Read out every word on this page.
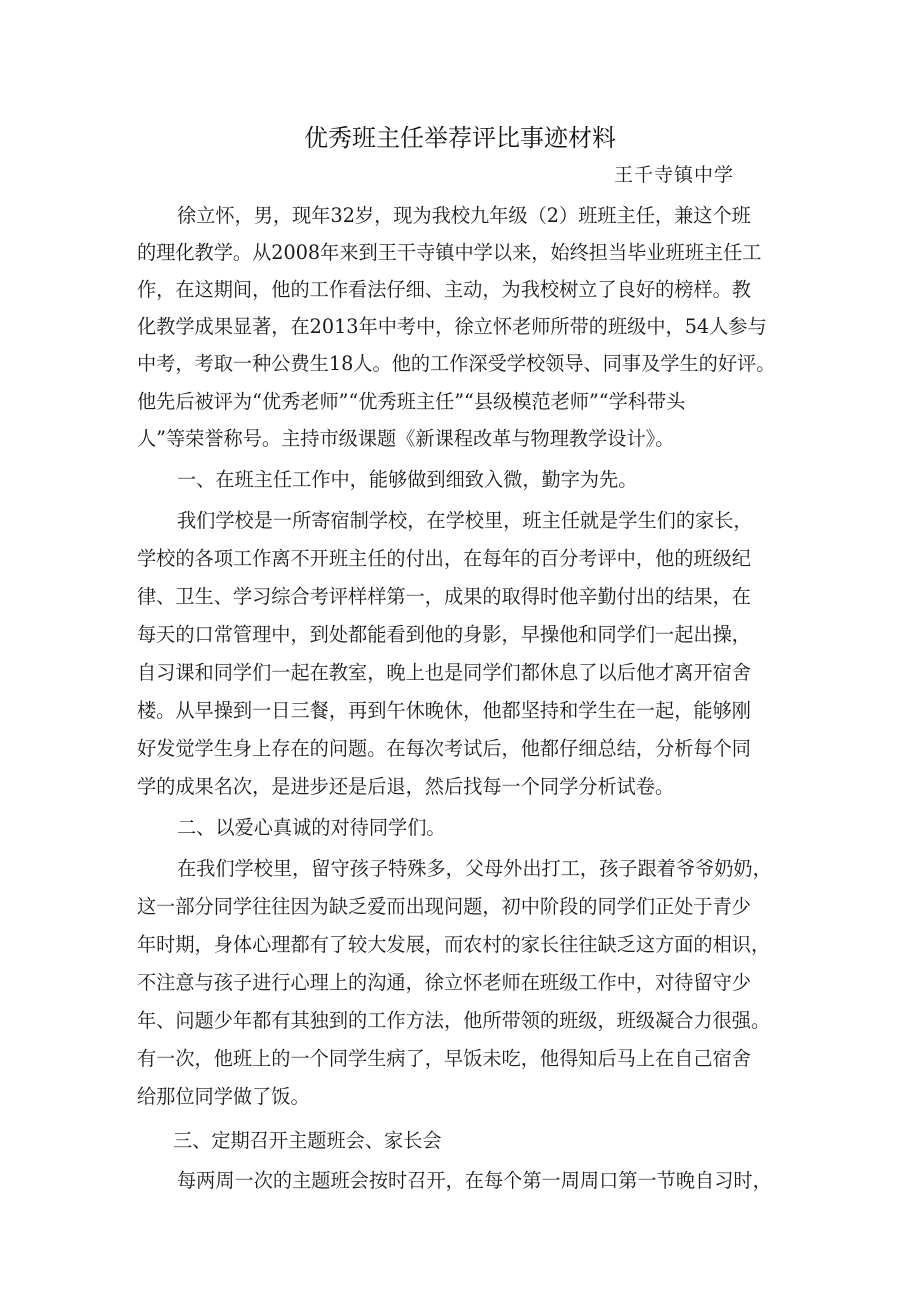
优秀班主任举荐评比事迹材料
王千寺镇中学
徐立怀，男，现年32岁，现为我校九年级（2）班班主任，兼这个班
的理化教学。从2008年来到王干寺镇中学以来，始终担当毕业班班主任工
作，在这期间，他的工作看法仔细、主动，为我校树立了良好的榜样。教
化教学成果显著，在2013年中考中，徐立怀老师所带的班级中，54人参与
中考，考取一种公费生18人。他的工作深受学校领导、同事及学生的好评。
他先后被评为“优秀老师”“优秀班主任”“县级模范老师”“学科带头
人”等荣誉称号。主持市级课题《新课程改革与物理教学设计》。
一、在班主任工作中，能够做到细致入微，勤字为先。
我们学校是一所寄宿制学校，在学校里，班主任就是学生们的家长，
学校的各项工作离不开班主任的付出，在每年的百分考评中，他的班级纪
律、卫生、学习综合考评样样第一，成果的取得时他辛勤付出的结果，在
每天的口常管理中，到处都能看到他的身影，早操他和同学们一起出操，
自习课和同学们一起在教室，晚上也是同学们都休息了以后他才离开宿舍
楼。从早操到一日三餐，再到午休晚休，他都坚持和学生在一起，能够刚
好发觉学生身上存在的问题。在每次考试后，他都仔细总结，分析每个同
学的成果名次，是进步还是后退，然后找每一个同学分析试卷。
二、以爱心真诚的对待同学们。
在我们学校里，留守孩子特殊多，父母外出打工，孩子跟着爷爷奶奶，
这一部分同学往往因为缺乏爱而出现问题，初中阶段的同学们正处于青少
年时期，身体心理都有了较大发展，而农村的家长往往缺乏这方面的相识，
不注意与孩子进行心理上的沟通，徐立怀老师在班级工作中，对待留守少
年、问题少年都有其独到的工作方法，他所带领的班级，班级凝合力很强。
有一次，他班上的一个同学生病了，早饭未吃，他得知后马上在自己宿舍
给那位同学做了饭。
三、定期召开主题班会、家长会
每两周一次的主题班会按时召开，在每个第一周周口第一节晚自习时，
